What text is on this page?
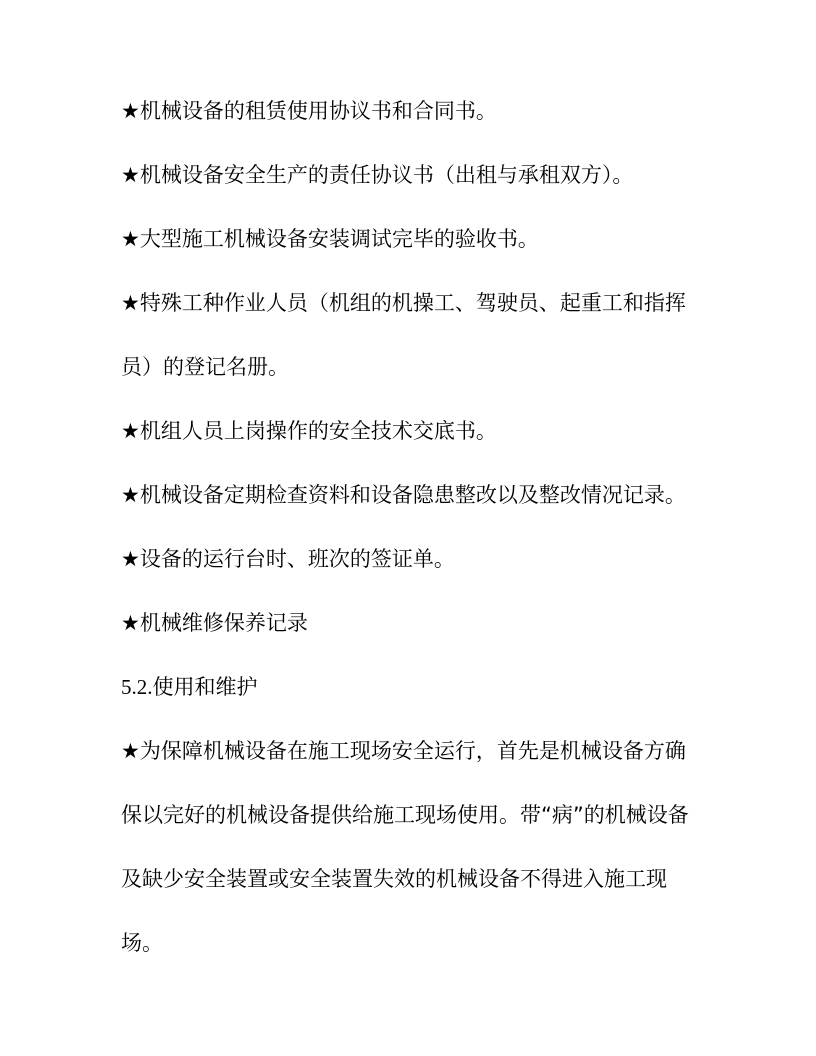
★机械设备的租赁使用协议书和合同书。

★机械设备安全生产的责任协议书（出租与承租双方）。

★大型施工机械设备安装调试完毕的验收书。

★特殊工种作业人员（机组的机操工、驾驶员、起重工和指挥

员）的登记名册。

★机组人员上岗操作的安全技术交底书。

★机械设备定期检查资料和设备隐患整改以及整改情况记录。

★设备的运行台时、班次的签证单。

★机械维修保养记录

5.2.使用和维护

★为保障机械设备在施工现场安全运行，首先是机械设备方确

保以完好的机械设备提供给施工现场使用。带“病”的机械设备

及缺少安全装置或安全装置失效的机械设备不得进入施工现

场。
